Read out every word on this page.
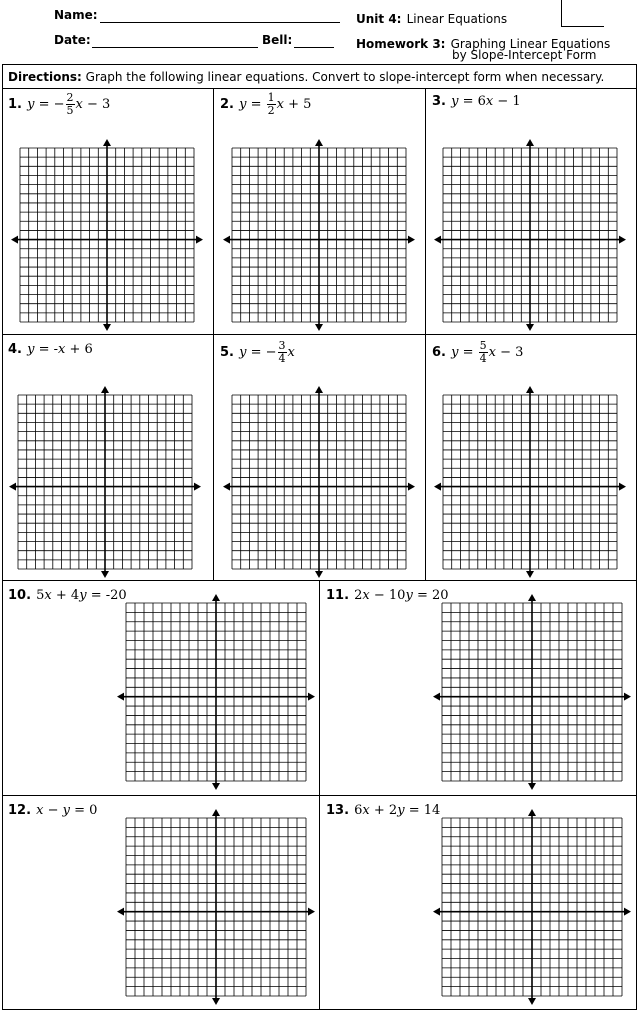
Name:
Date:	Bell:
Unit 4: Linear Equations
Homework 3: Graphing Linear Equations
by Slope-Intercept Form
Directions: Graph the following linear equations. Convert to slope-intercept form when necessary.
1. y = − $\frac{2}{5}$ x − 3	2. $y = \frac{1}{2}$ x + 5	3. y = 6x − 1
4. y = -x + 6	5. y = − $\frac{3}{4}$ x	6. $y = \frac{5}{4}$ x − 3
10. 5x + 4y = -20	11. 2x − 10y = 20
12. x − y = 0	13. 6x + 2y = 14
